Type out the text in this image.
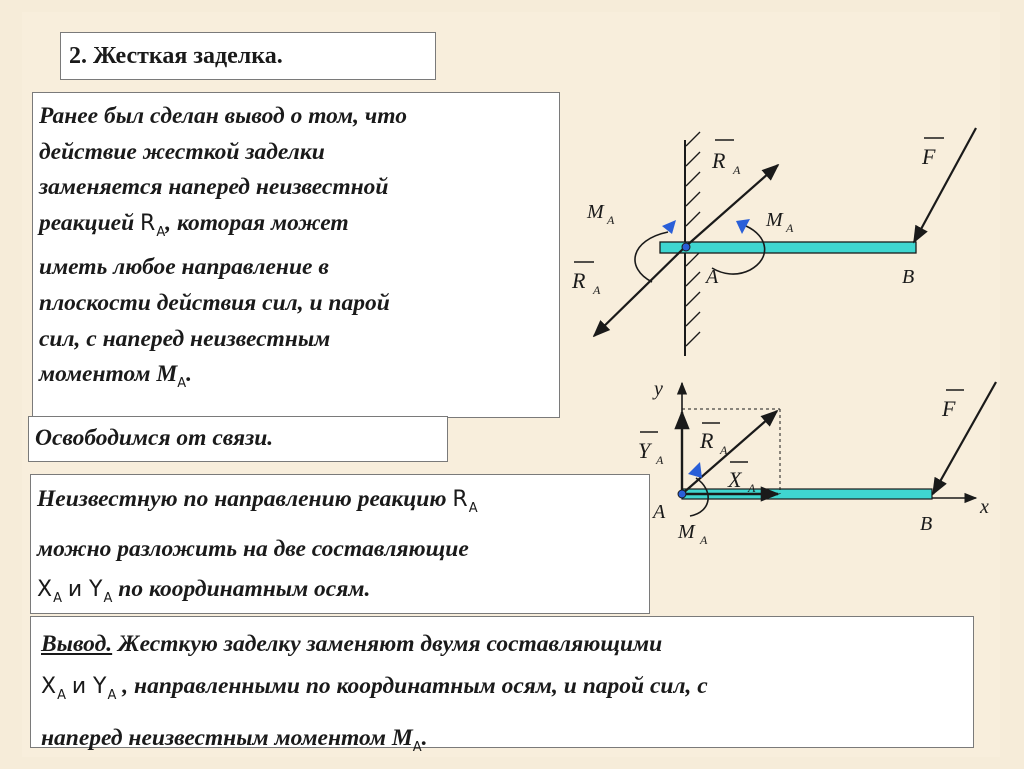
2. Жесткая заделка.
Ранее был сделан вывод о том, что
действие жесткой заделки
заменяется наперед неизвестной
реакцией $R_A$, которая может
иметь любое направление в
плоскости действия сил, и парой
сил, с наперед неизвестным
моментом $M_A$.
Освободимся от связи.
Неизвестную по направлению реакцию $R_A$
можно разложить на две составляющие
$X_A$ и $Y_A$ по координатным осям.
Вывод. Жесткую заделку заменяют двумя составляющими
$X_A$ и $Y_A$ , направленными по координатным осям, и парой сил, с
наперед неизвестным моментом $M_A$.
R A
F
M A	M A
R A
A	B
y
x
Y A
R A
X A
F
A
B
M A
